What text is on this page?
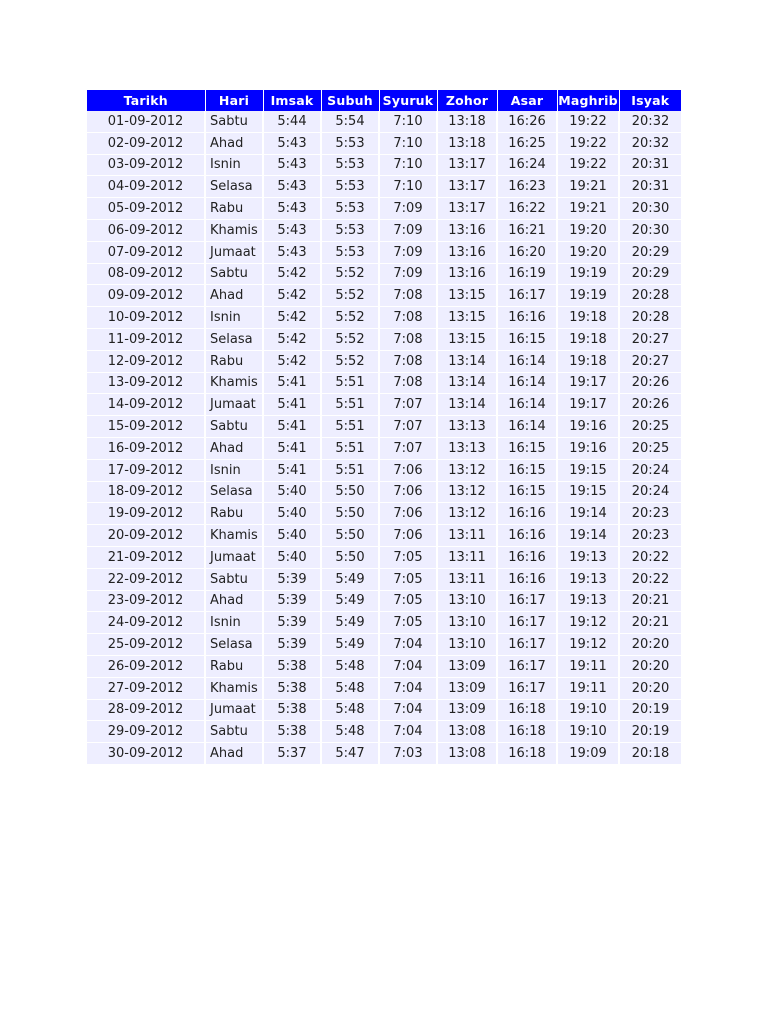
Tarikh	Hari	Imsak	Subuh	Syuruk	Zohor	Asar	Maghrib	Isyak
01-09-2012	Sabtu	5:44	5:54	7:10	13:18	16:26	19:22	20:32
02-09-2012	Ahad	5:43	5:53	7:10	13:18	16:25	19:22	20:32
03-09-2012	Isnin	5:43	5:53	7:10	13:17	16:24	19:22	20:31
04-09-2012	Selasa	5:43	5:53	7:10	13:17	16:23	19:21	20:31
05-09-2012	Rabu	5:43	5:53	7:09	13:17	16:22	19:21	20:30
06-09-2012	Khamis	5:43	5:53	7:09	13:16	16:21	19:20	20:30
07-09-2012	Jumaat	5:43	5:53	7:09	13:16	16:20	19:20	20:29
08-09-2012	Sabtu	5:42	5:52	7:09	13:16	16:19	19:19	20:29
09-09-2012	Ahad	5:42	5:52	7:08	13:15	16:17	19:19	20:28
10-09-2012	Isnin	5:42	5:52	7:08	13:15	16:16	19:18	20:28
11-09-2012	Selasa	5:42	5:52	7:08	13:15	16:15	19:18	20:27
12-09-2012	Rabu	5:42	5:52	7:08	13:14	16:14	19:18	20:27
13-09-2012	Khamis	5:41	5:51	7:08	13:14	16:14	19:17	20:26
14-09-2012	Jumaat	5:41	5:51	7:07	13:14	16:14	19:17	20:26
15-09-2012	Sabtu	5:41	5:51	7:07	13:13	16:14	19:16	20:25
16-09-2012	Ahad	5:41	5:51	7:07	13:13	16:15	19:16	20:25
17-09-2012	Isnin	5:41	5:51	7:06	13:12	16:15	19:15	20:24
18-09-2012	Selasa	5:40	5:50	7:06	13:12	16:15	19:15	20:24
19-09-2012	Rabu	5:40	5:50	7:06	13:12	16:16	19:14	20:23
20-09-2012	Khamis	5:40	5:50	7:06	13:11	16:16	19:14	20:23
21-09-2012	Jumaat	5:40	5:50	7:05	13:11	16:16	19:13	20:22
22-09-2012	Sabtu	5:39	5:49	7:05	13:11	16:16	19:13	20:22
23-09-2012	Ahad	5:39	5:49	7:05	13:10	16:17	19:13	20:21
24-09-2012	Isnin	5:39	5:49	7:05	13:10	16:17	19:12	20:21
25-09-2012	Selasa	5:39	5:49	7:04	13:10	16:17	19:12	20:20
26-09-2012	Rabu	5:38	5:48	7:04	13:09	16:17	19:11	20:20
27-09-2012	Khamis	5:38	5:48	7:04	13:09	16:17	19:11	20:20
28-09-2012	Jumaat	5:38	5:48	7:04	13:09	16:18	19:10	20:19
29-09-2012	Sabtu	5:38	5:48	7:04	13:08	16:18	19:10	20:19
30-09-2012	Ahad	5:37	5:47	7:03	13:08	16:18	19:09	20:18
